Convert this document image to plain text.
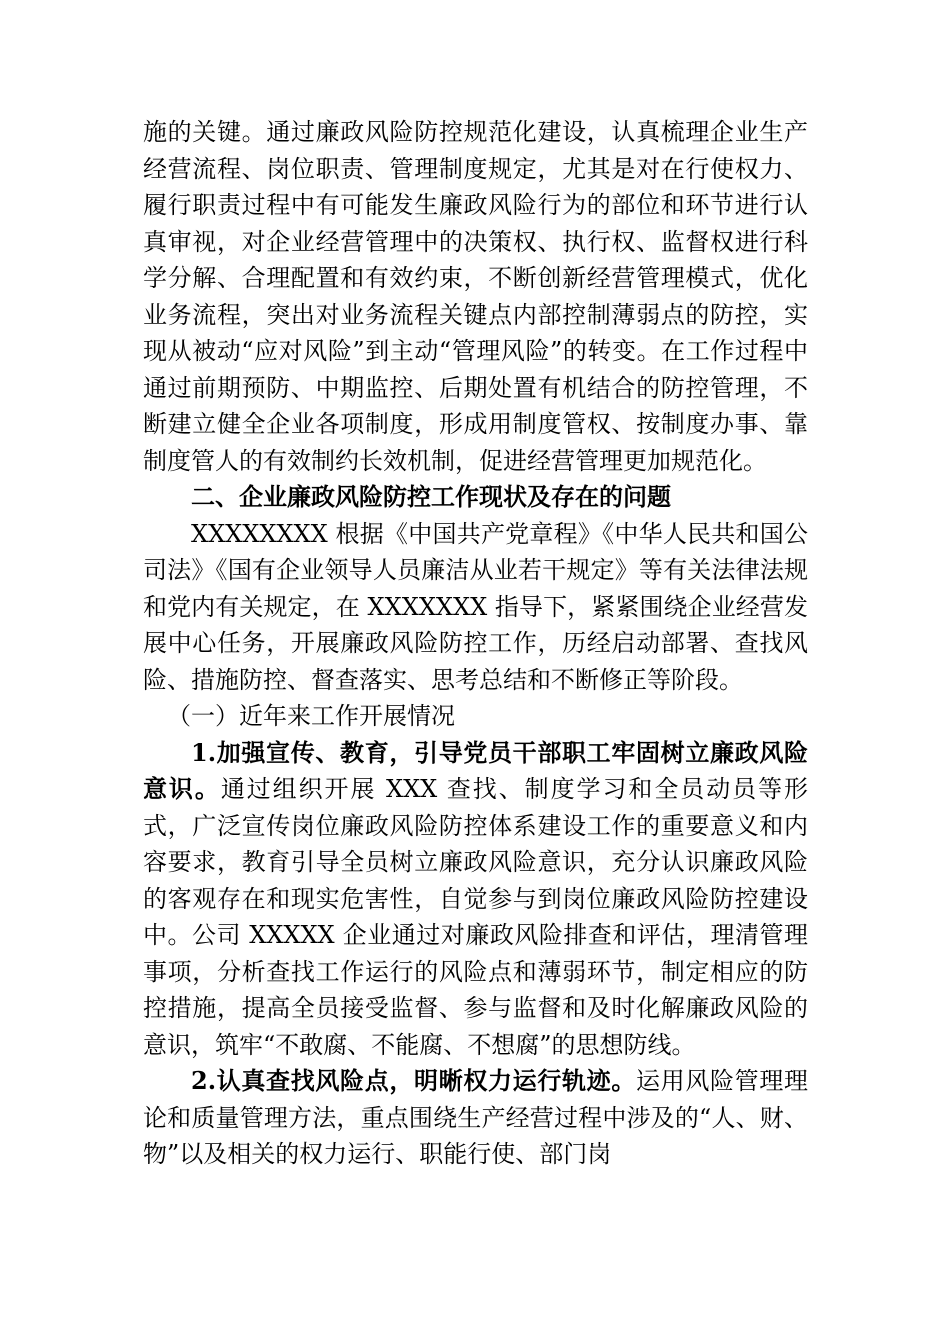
施的关键。通过廉政风险防控规范化建设，认真梳理企业生产经营流程、岗位职责、管理制度规定，尤其是对在行使权力、履行职责过程中有可能发生廉政风险行为的部位和环节进行认真审视，对企业经营管理中的决策权、执行权、监督权进行科学分解、合理配置和有效约束，不断创新经营管理模式，优化业务流程，突出对业务流程关键点内部控制薄弱点的防控，实现从被动“应对风险”到主动“管理风险”的转变。在工作过程中通过前期预防、中期监控、后期处置有机结合的防控管理，不断建立健全企业各项制度，形成用制度管权、按制度办事、靠制度管人的有效制约长效机制，促进经营管理更加规范化。

二、企业廉政风险防控工作现状及存在的问题

XXXXXXXX 根据《中国共产党章程》《中华人民共和国公司法》《国有企业领导人员廉洁从业若干规定》等有关法律法规和党内有关规定，在 XXXXXXX 指导下，紧紧围绕企业经营发展中心任务，开展廉政风险防控工作，历经启动部署、查找风险、措施防控、督查落实、思考总结和不断修正等阶段。

（一）近年来工作开展情况

1.加强宣传、教育，引导党员干部职工牢固树立廉政风险意识。通过组织开展 XXX 查找、制度学习和全员动员等形式，广泛宣传岗位廉政风险防控体系建设工作的重要意义和内容要求，教育引导全员树立廉政风险意识，充分认识廉政风险的客观存在和现实危害性，自觉参与到岗位廉政风险防控建设中。公司 XXXXX 企业通过对廉政风险排查和评估，理清管理事项，分析查找工作运行的风险点和薄弱环节，制定相应的防控措施，提高全员接受监督、参与监督和及时化解廉政风险的意识，筑牢“不敢腐、不能腐、不想腐”的思想防线。

2.认真查找风险点，明晰权力运行轨迹。运用风险管理理论和质量管理方法，重点围绕生产经营过程中涉及的“人、财、物”以及相关的权力运行、职能行使、部门岗
